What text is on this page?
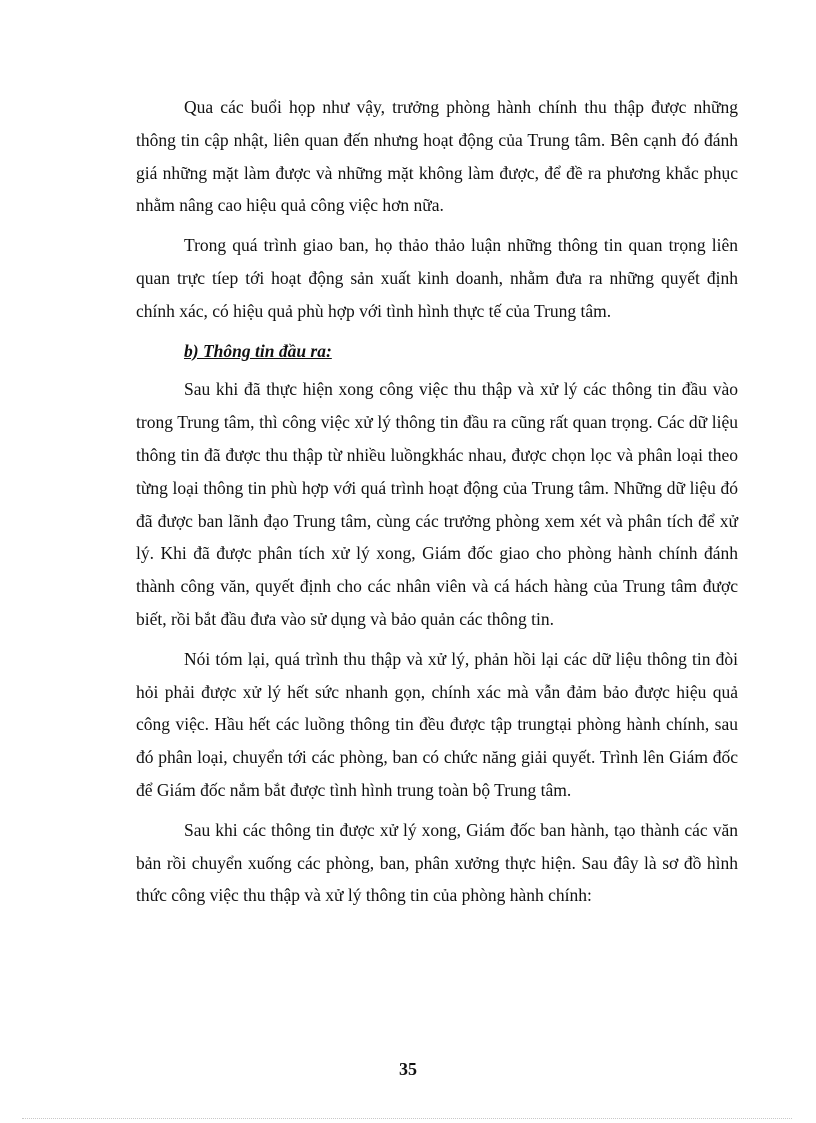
Qua các buổi họp như vậy, trưởng phòng hành chính thu thập được những thông tin cập nhật, liên quan đến nhưng hoạt động của Trung tâm. Bên cạnh đó đánh giá những mặt làm được và những mặt không làm được, để đề ra phương khắc phục nhằm nâng cao hiệu quả công việc hơn nữa.

Trong quá trình giao ban, họ thảo thảo luận những thông tin quan trọng liên quan trực tíep tới hoạt động sản xuất kinh doanh, nhằm đưa ra những quyết định chính xác, có hiệu quả phù hợp với tình hình thực tế của Trung tâm.

b) Thông tin đầu ra:

Sau khi đã thực hiện xong công việc thu thập và xử lý các thông tin đầu vào trong Trung tâm, thì công việc xử lý thông tin đầu ra cũng rất quan trọng. Các dữ liệu thông tin đã được thu thập từ nhiều luồngkhác nhau, được chọn lọc và phân loại theo từng loại thông tin phù hợp với quá trình hoạt động của Trung tâm. Những dữ liệu đó đã được ban lãnh đạo Trung tâm, cùng các trưởng phòng xem xét và phân tích để xử lý. Khi đã được phân tích xử lý xong, Giám đốc giao cho phòng hành chính đánh thành công văn, quyết định cho các nhân viên và cá hách hàng của Trung tâm được biết, rồi bắt đầu đưa vào sử dụng và bảo quản các thông tin.

Nói tóm lại, quá trình thu thập và xử lý, phản hồi lại các dữ liệu thông tin đòi hỏi phải được xử lý hết sức nhanh gọn, chính xác mà vẫn đảm bảo được hiệu quả công việc. Hầu hết các luồng thông tin đều được tập trungtại phòng hành chính, sau đó phân loại, chuyển tới các phòng, ban có chức năng giải quyết. Trình lên Giám đốc để Giám đốc nắm bắt được tình hình trung toàn bộ Trung tâm.

Sau khi các thông tin được xử lý xong, Giám đốc ban hành, tạo thành các văn bản rồi chuyển xuống các phòng, ban, phân xưởng thực hiện. Sau đây là sơ đồ hình thức công việc thu thập và xử lý thông tin của phòng hành chính:

35
